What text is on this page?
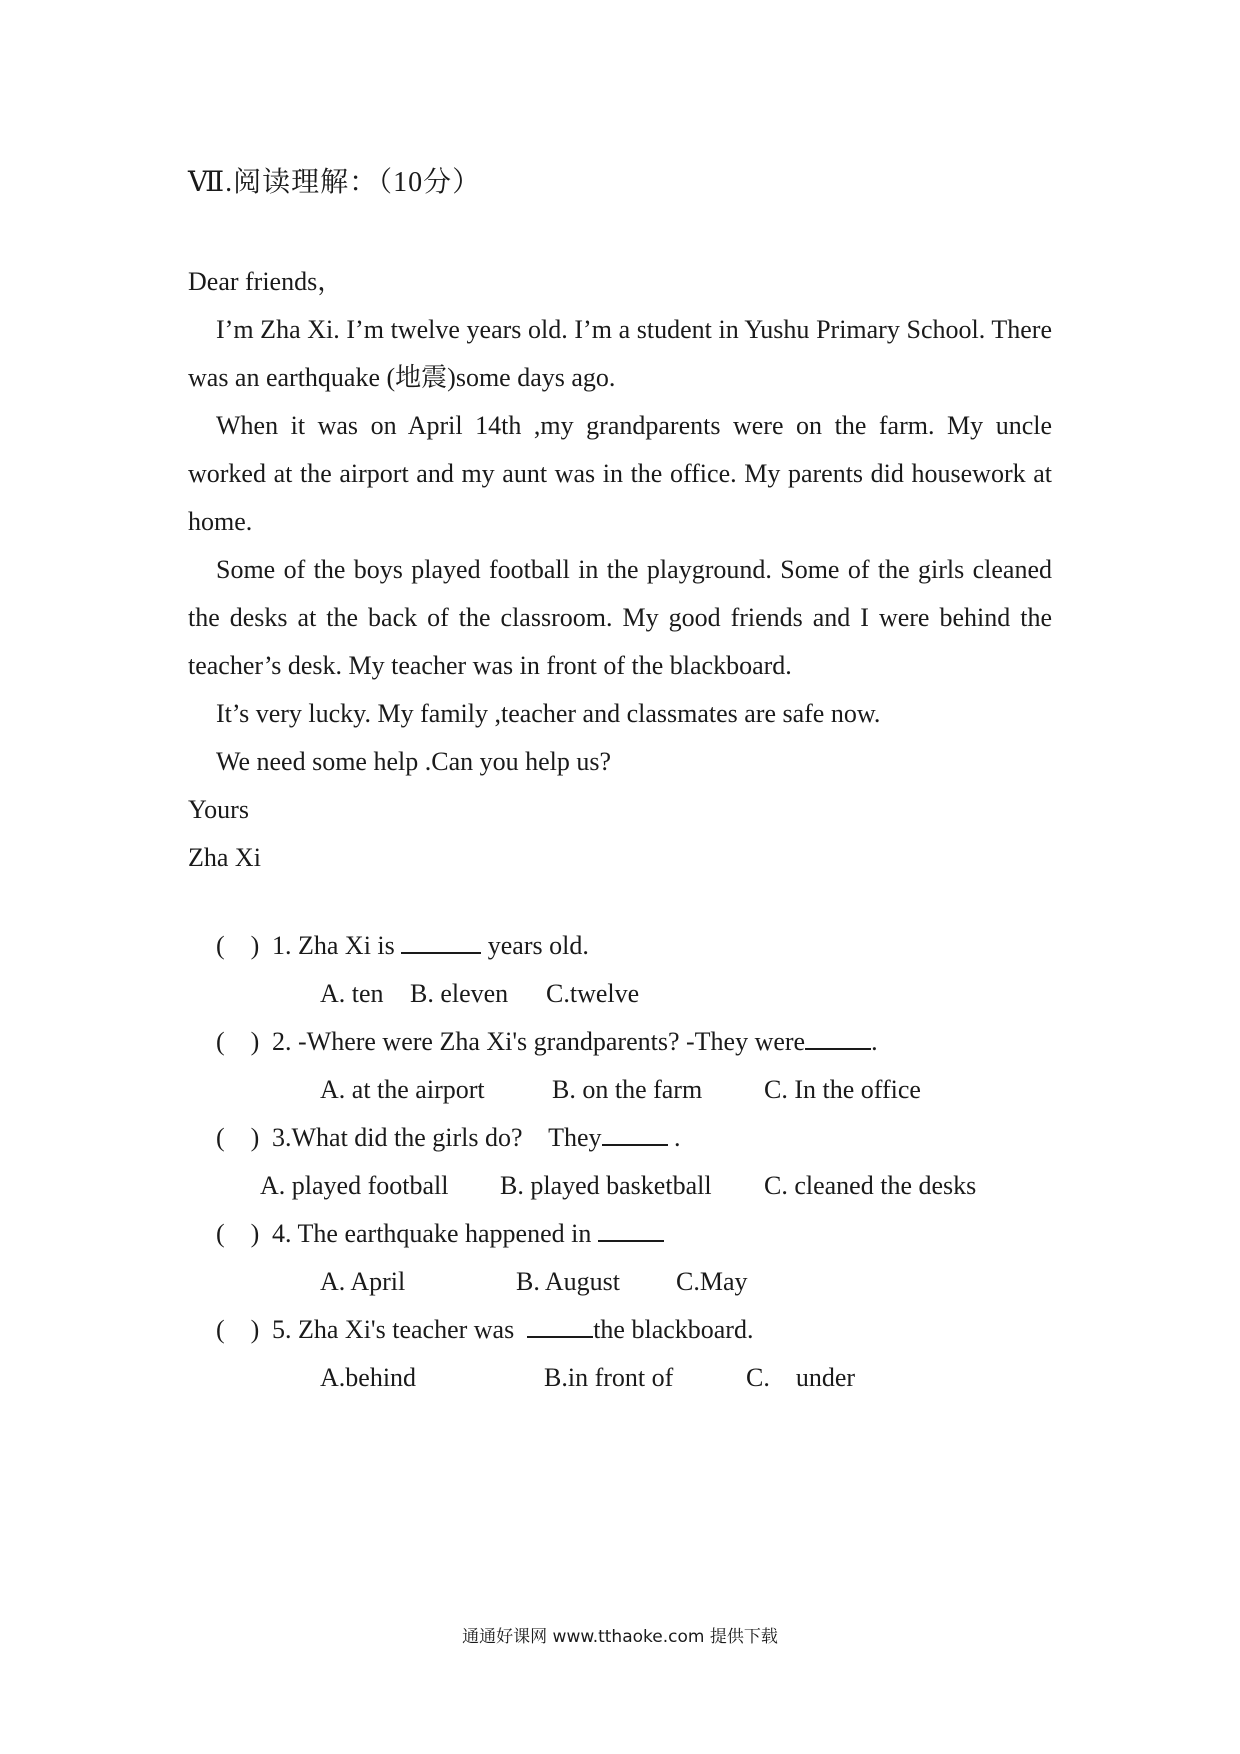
Ⅶ.阅读理解：（10分）

Dear friends，

I’m Zha Xi. I’m twelve years old. I’m a student in Yushu Primary School. There was an earthquake (地震)some days ago.

When it was on April 14th ,my grandparents were on the farm. My uncle worked at the airport and my aunt was in the office. My parents did housework at home.

Some of the boys played football in the playground. Some of the girls cleaned the desks at the back of the classroom. My good friends and I were behind the teacher’s desk. My teacher was in front of the blackboard.

It’s very lucky. My family ,teacher and classmates are safe now.

We need some help .Can you help us?

Yours

Zha Xi

(    ) 1. Zha Xi is	years old.
A. ten B. eleven C.twelve
(    ) 2. -Where were Zha Xi's grandparents? -They were	.
A. at the airport	B. on the farm C. In the office
(    ) 3.What did the girls do?    They	.
A. played football B. played basketball C. cleaned the desks
(    ) 4. The earthquake happened in
A. April	B. August C.May
(    ) 5. Zha Xi's teacher was	the blackboard.
A.behind	B.in front of	C.    under
通通好课网 www.tthaoke.com 提供下载
